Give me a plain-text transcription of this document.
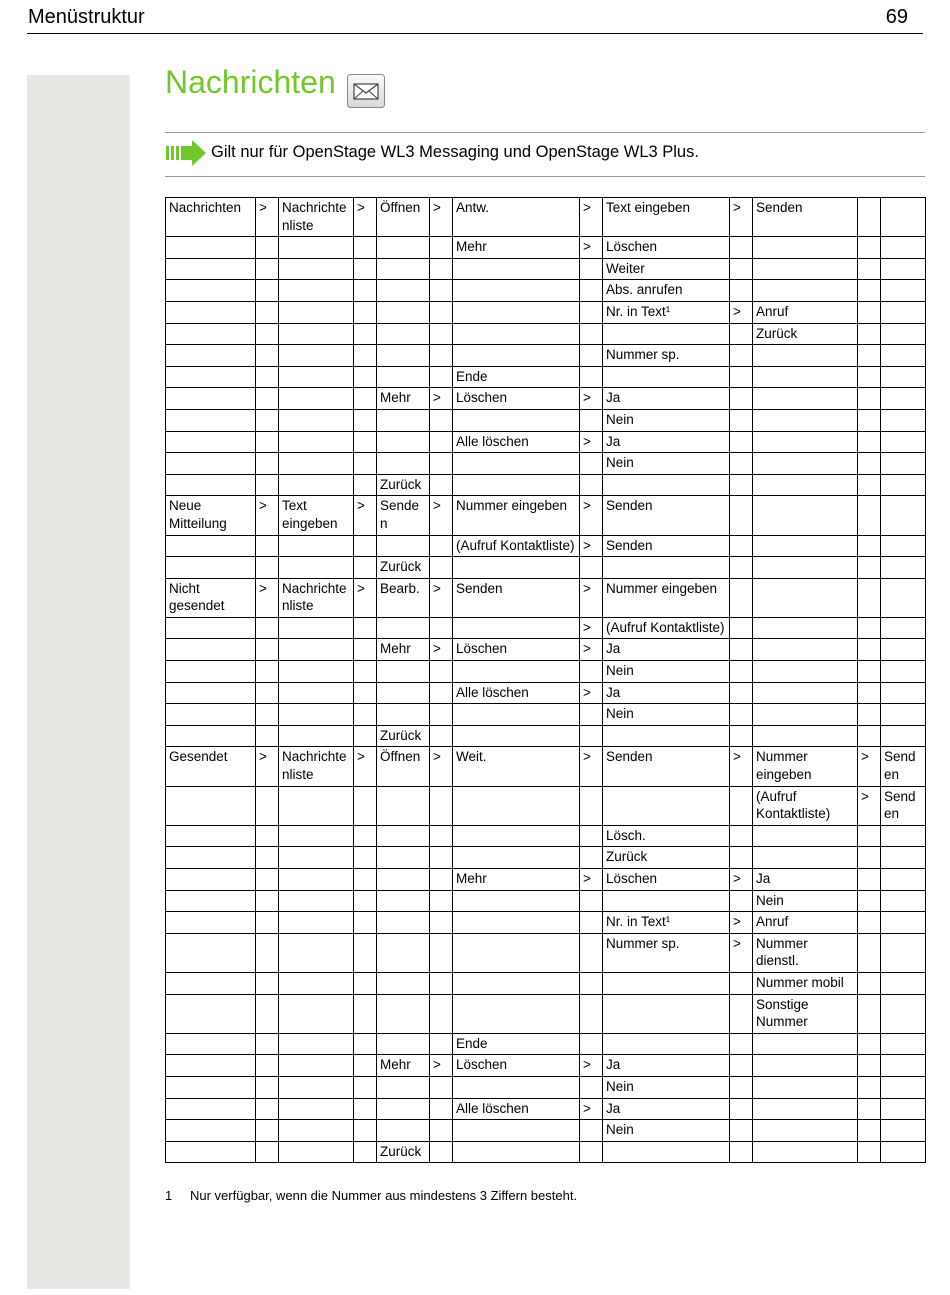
Menüstruktur	69
Nachrichten
Gilt nur für OpenStage WL3 Messaging und OpenStage WL3 Plus.
Nachrichten	>	Nachrichte nliste	>	Öffnen	>	Antw.	>	Text eingeben	>	Senden		
						Mehr	>	Löschen				
								Weiter				
								Abs. anrufen				
								Nr. in Text¹	>	Anruf		
										Zurück		
								Nummer sp.				
						Ende						
				Mehr	>	Löschen	>	Ja				
								Nein				
						Alle löschen	>	Ja				
								Nein				
				Zurück								
Neue Mitteilung	>	Text eingeben	>	Sende n	>	Nummer eingeben	>	Senden				
						(Aufruf Kontaktliste)	>	Senden				
				Zurück								
Nicht gesendet	>	Nachrichte nliste	>	Bearb.	>	Senden	>	Nummer eingeben				
							>	(Aufruf Kontaktliste)				
				Mehr	>	Löschen	>	Ja				
								Nein				
						Alle löschen	>	Ja				
								Nein				
				Zurück								
Gesendet	>	Nachrichte nliste	>	Öffnen	>	Weit.	>	Senden	>	Nummer eingeben	>	Send en
										(Aufruf Kontaktliste)	>	Send en
								Lösch.				
								Zurück				
						Mehr	>	Löschen	>	Ja		
										Nein		
								Nr. in Text¹	>	Anruf		
								Nummer sp.	>	Nummer dienstl.		
										Nummer mobil		
										Sonstige Nummer		
						Ende						
				Mehr	>	Löschen	>	Ja				
								Nein				
						Alle löschen	>	Ja				
								Nein				
				Zurück								
1 Nur verfügbar, wenn die Nummer aus mindestens 3 Ziffern besteht.
